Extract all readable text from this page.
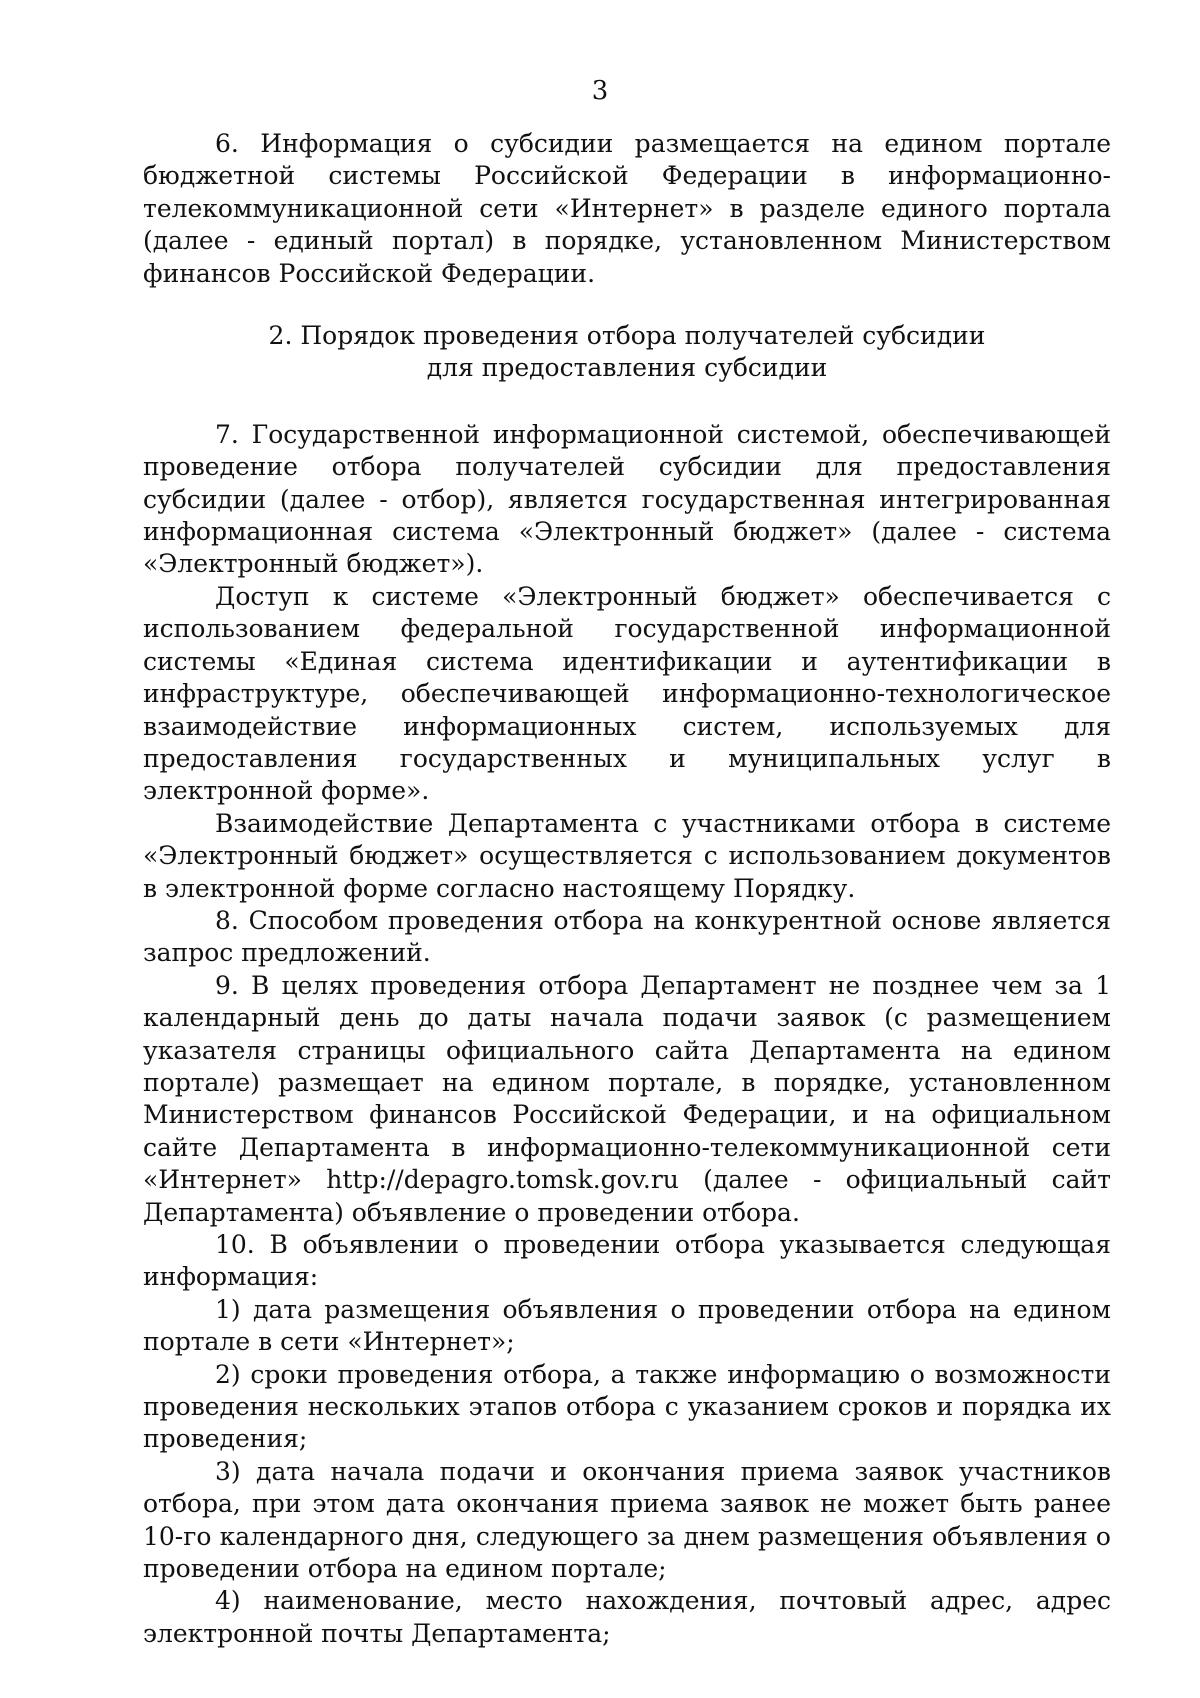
3

6. Информация о субсидии размещается на едином портале бюджетной системы Российской Федерации в информационно-телекоммуникационной сети «Интернет» в разделе единого портала (далее - единый портал) в порядке, установленном Министерством финансов Российской Федерации.

2. Порядок проведения отбора получателей субсидии
для предоставления субсидии

7. Государственной информационной системой, обеспечивающей проведение отбора получателей субсидии для предоставления субсидии (далее - отбор), является государственная интегрированная информационная система «Электронный бюджет» (далее - система «Электронный бюджет»).

Доступ к системе «Электронный бюджет» обеспечивается с использованием федеральной государственной информационной системы «Единая система идентификации и аутентификации в инфраструктуре, обеспечивающей информационно-технологическое взаимодействие информационных систем, используемых для предоставления государственных и муниципальных услуг в электронной форме».

Взаимодействие Департамента с участниками отбора в системе «Электронный бюджет» осуществляется с использованием документов в электронной форме согласно настоящему Порядку.

8. Способом проведения отбора на конкурентной основе является запрос предложений.

9. В целях проведения отбора Департамент не позднее чем за 1 календарный день до даты начала подачи заявок (с размещением указателя страницы официального сайта Департамента на едином портале) размещает на едином портале, в порядке, установленном Министерством финансов Российской Федерации, и на официальном сайте Департамента в информационно-телекоммуникационной сети «Интернет» http://depagro.tomsk.gov.ru (далее - официальный сайт Департамента) объявление о проведении отбора.

10. В объявлении о проведении отбора указывается следующая информация:

1) дата размещения объявления о проведении отбора на едином портале в сети «Интернет»;

2) сроки проведения отбора, а также информацию о возможности проведения нескольких этапов отбора с указанием сроков и порядка их проведения;

3) дата начала подачи и окончания приема заявок участников отбора, при этом дата окончания приема заявок не может быть ранее 10-го календарного дня, следующего за днем размещения объявления о проведении отбора на едином портале;

4) наименование, место нахождения, почтовый адрес, адрес электронной почты Департамента;
